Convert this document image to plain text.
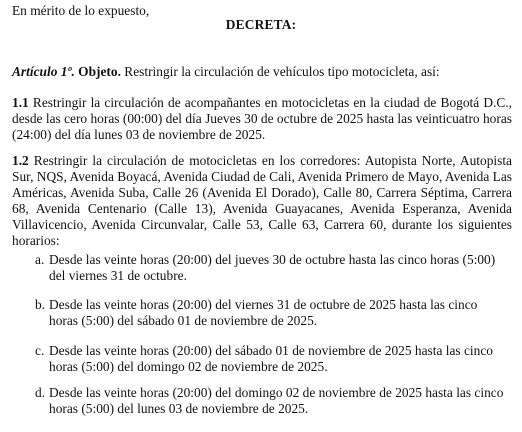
En mérito de lo expuesto,
DECRETA:
Artículo 1º. Objeto. Restringir la circulación de vehículos tipo motocicleta, así:
1.1 Restringir la circulación de acompañantes en motocicletas en la ciudad de Bogotá D.C., desde las cero horas (00:00) del día Jueves 30 de octubre de 2025 hasta las veinticuatro horas (24:00) del día lunes 03 de noviembre de 2025.
1.2 Restringir la circulación de motocicletas en los corredores: Autopista Norte, Autopista Sur, NQS, Avenida Boyacá, Avenida Ciudad de Cali, Avenida Primero de Mayo, Avenida Las Américas, Avenida Suba, Calle 26 (Avenida El Dorado), Calle 80, Carrera Séptima, Carrera 68, Avenida Centenario (Calle 13), Avenida Guayacanes, Avenida Esperanza, Avenida Villavicencio, Avenida Circunvalar, Calle 53, Calle 63, Carrera 60, durante los siguientes horarios:
a. Desde las veinte horas (20:00) del jueves 30 de octubre hasta las cinco horas (5:00) del viernes 31 de octubre.
b. Desde las veinte horas (20:00) del viernes 31 de octubre de 2025 hasta las cinco horas (5:00) del sábado 01 de noviembre de 2025.
c. Desde las veinte horas (20:00) del sábado 01 de noviembre de 2025 hasta las cinco horas (5:00) del domingo 02 de noviembre de 2025.
d. Desde las veinte horas (20:00) del domingo 02 de noviembre de 2025 hasta las cinco horas (5:00) del lunes 03 de noviembre de 2025.
